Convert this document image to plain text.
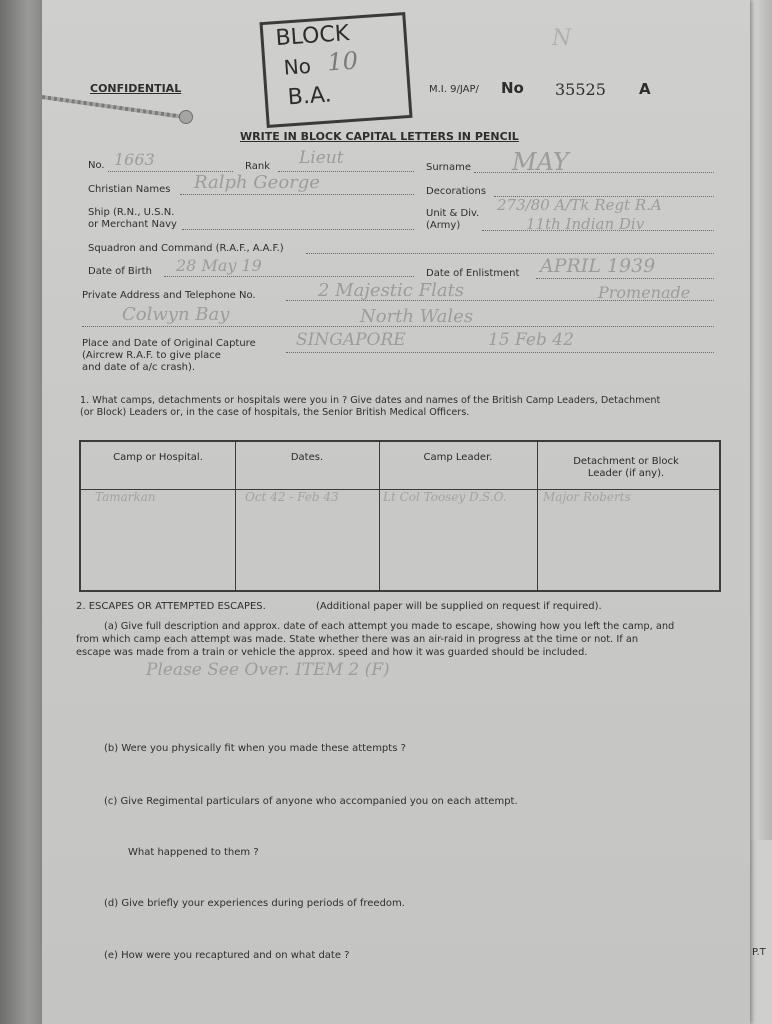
P.T
CONFIDENTIAL
BLOCK
No 10
B.A.
N
M.I. 9/JAP/ No 35525 A
WRITE IN BLOCK CAPITAL LETTERS IN PENCIL
No. 1663	Rank Lieut	Surname MAY
Christian Names Ralph George	Decorations
Ship (R.N., U.S.N.
or Merchant Navy
Unit & Div.
(Army)
273/80 A/Tk Regt R.A
11th Indian Div
Squadron and Command (R.A.F., A.A.F.)
Date of Birth 28 May 19	Date of Enlistment APRIL 1939
Private Address and Telephone No.	2 Majestic Flats	Promenade
Colwyn Bay	North Wales
Place and Date of Original Capture
(Aircrew R.A.F. to give place
and date of a/c crash).
SINGAPORE	15 Feb 42
1. What camps, detachments or hospitals were you in ? Give dates and names of the British Camp Leaders, Detachment
(or Block) Leaders or, in the case of hospitals, the Senior British Medical Officers.
Camp or Hospital.	Dates.	Camp Leader.	Detachment or Block Leader (if any).
Tamarkan	Oct 42 - Feb 43	Lt Col Toosey D.S.O.	Major Roberts
2. ESCAPES OR ATTEMPTED ESCAPES.	(Additional paper will be supplied on request if required).
(a) Give full description and approx. date of each attempt you made to escape, showing how you left the camp, and
from which camp each attempt was made. State whether there was an air-raid in progress at the time or not. If an
escape was made from a train or vehicle the approx. speed and how it was guarded should be included.
Please See Over. ITEM 2 (F)
(b) Were you physically fit when you made these attempts ?
(c) Give Regimental particulars of anyone who accompanied you on each attempt.
What happened to them ?
(d) Give briefly your experiences during periods of freedom.
(e) How were you recaptured and on what date ?
